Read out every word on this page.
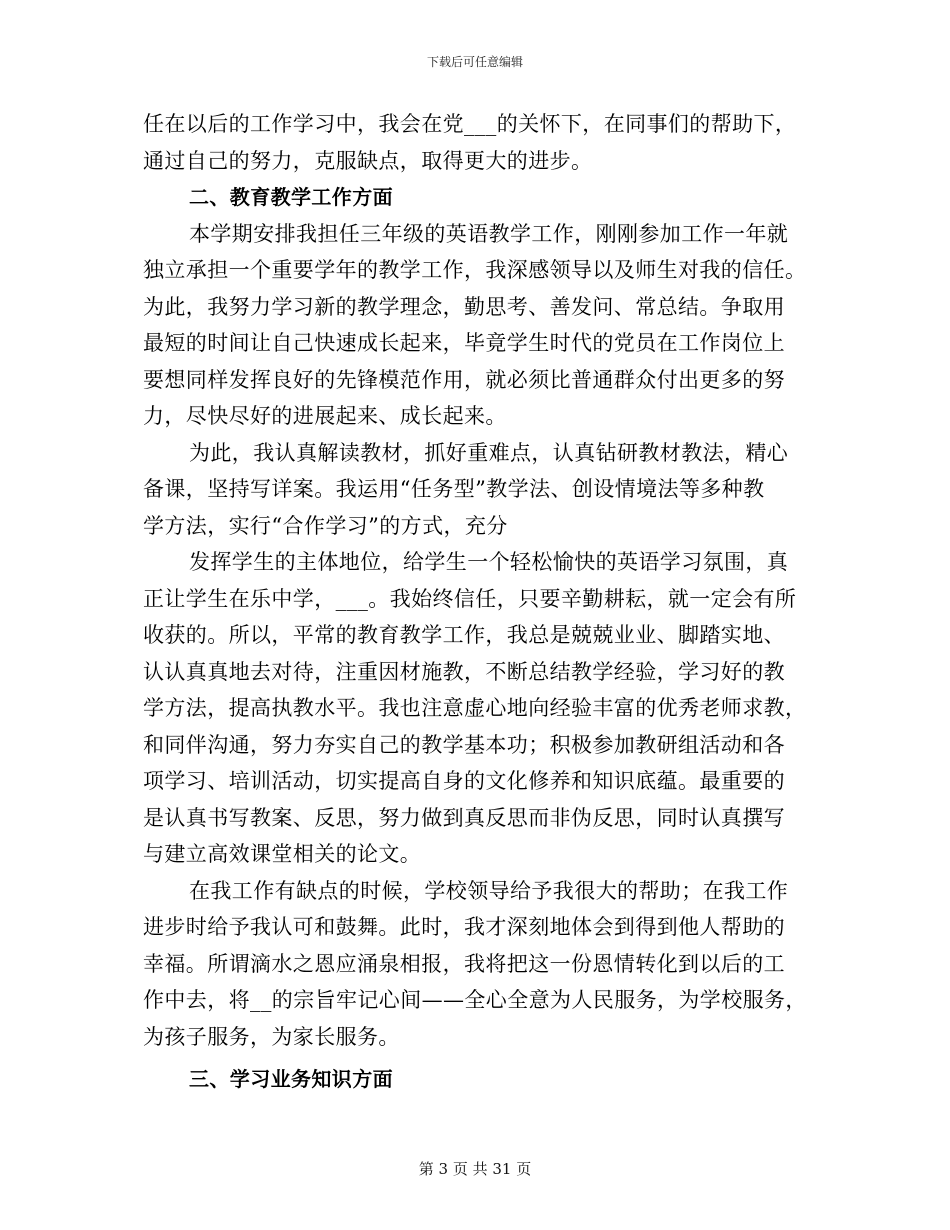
下载后可任意编辑
任在以后的工作学习中，我会在党___的关怀下，在同事们的帮助下，
通过自己的努力，克服缺点，取得更大的进步。
二、教育教学工作方面
本学期安排我担任三年级的英语教学工作，刚刚参加工作一年就
独立承担一个重要学年的教学工作，我深感领导以及师生对我的信任。
为此，我努力学习新的教学理念，勤思考、善发问、常总结。争取用
最短的时间让自己快速成长起来，毕竟学生时代的党员在工作岗位上
要想同样发挥良好的先锋模范作用，就必须比普通群众付出更多的努
力，尽快尽好的进展起来、成长起来。
为此，我认真解读教材，抓好重难点，认真钻研教材教法，精心
备课，坚持写详案。我运用“任务型”教学法、创设情境法等多种教
学方法，实行“合作学习”的方式，充分
发挥学生的主体地位，给学生一个轻松愉快的英语学习氛围，真
正让学生在乐中学，___。我始终信任，只要辛勤耕耘，就一定会有所
收获的。所以，平常的教育教学工作，我总是兢兢业业、脚踏实地、
认认真真地去对待，注重因材施教，不断总结教学经验，学习好的教
学方法，提高执教水平。我也注意虚心地向经验丰富的优秀老师求教，
和同伴沟通，努力夯实自己的教学基本功；积极参加教研组活动和各
项学习、培训活动，切实提高自身的文化修养和知识底蕴。最重要的
是认真书写教案、反思，努力做到真反思而非伪反思，同时认真撰写
与建立高效课堂相关的论文。
在我工作有缺点的时候，学校领导给予我很大的帮助；在我工作
进步时给予我认可和鼓舞。此时，我才深刻地体会到得到他人帮助的
幸福。所谓滴水之恩应涌泉相报，我将把这一份恩情转化到以后的工
作中去，将__的宗旨牢记心间——全心全意为人民服务，为学校服务，
为孩子服务，为家长服务。
三、学习业务知识方面
第 3 页 共 31 页
